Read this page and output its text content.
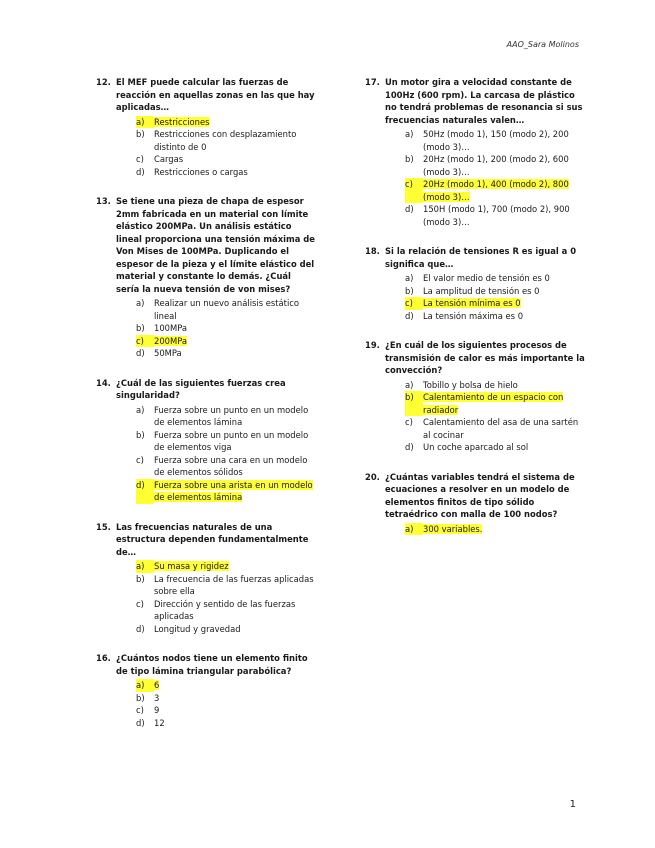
AAO_Sara Molinos
12. El MEF puede calcular las fuerzas de reacción en aquellas zonas en las que hay aplicadas…
a)	Restricciones
b)	Restricciones con desplazamiento distinto de 0
c)	Cargas
d)	Restricciones o cargas
13. Se tiene una pieza de chapa de espesor 2mm fabricada en un material con límite elástico 200MPa. Un análisis estático lineal proporciona una tensión máxima de Von Mises de 100MPa. Duplicando el espesor de la pieza y el límite elástico del material y constante lo demás. ¿Cuál sería la nueva tensión de von mises?
a)	Realizar un nuevo análisis estático lineal
b)	100MPa
c)	200MPa
d)	50MPa
14. ¿Cuál de las siguientes fuerzas crea singularidad?
a)	Fuerza sobre un punto en un modelo de elementos lámina
b)	Fuerza sobre un punto en un modelo de elementos viga
c)	Fuerza sobre una cara en un modelo de elementos sólidos
d)	Fuerza sobre una arista en un modelo de elementos lámina
15. Las frecuencias naturales de una estructura dependen fundamentalmente de…
a)	Su masa y rigidez
b)	La frecuencia de las fuerzas aplicadas sobre ella
c)	Dirección y sentido de las fuerzas aplicadas
d)	Longitud y gravedad
16. ¿Cuántos nodos tiene un elemento finito de tipo lámina triangular parabólica?
a)	6
b)	3
c)	9
d)	12
17. Un motor gira a velocidad constante de 100Hz (600 rpm). La carcasa de plástico no tendrá problemas de resonancia si sus frecuencias naturales valen…
a)	50Hz (modo 1), 150 (modo 2), 200 (modo 3)…
b)	20Hz (modo 1), 200 (modo 2), 600 (modo 3)…
c)	20Hz (modo 1), 400 (modo 2), 800 (modo 3)…
d)	150H (modo 1), 700 (modo 2), 900 (modo 3)…
18. Si la relación de tensiones R es igual a 0 significa que…
a)	El valor medio de tensión es 0
b)	La amplitud de tensión es 0
c)	La tensión mínima es 0
d)	La tensión máxima es 0
19. ¿En cuál de los siguientes procesos de transmisión de calor es más importante la convección?
a)	Tobillo y bolsa de hielo
b)	Calentamiento de un espacio con radiador
c)	Calentamiento del asa de una sartén al cocinar
d)	Un coche aparcado al sol
20. ¿Cuántas variables tendrá el sistema de ecuaciones a resolver en un modelo de elementos finitos de tipo sólido tetraédrico con malla de 100 nodos?
a)	300 variables.
1
